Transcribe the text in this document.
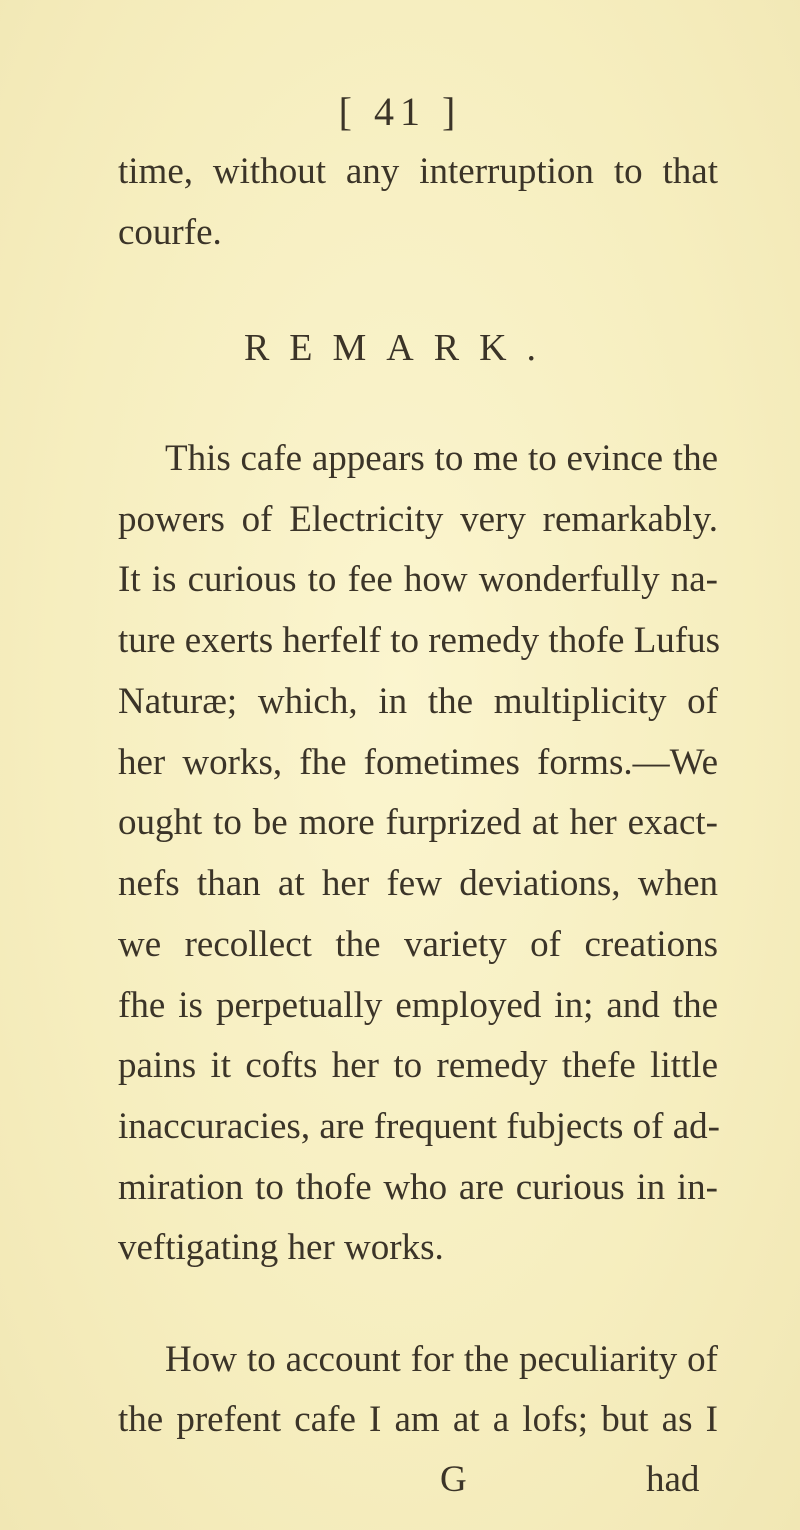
[ 41 ]
time, without any interruption to that
courfe.
REMARK.
This cafe appears to me to evince the
powers of Electricity very remarkably.
It is curious to fee how wonderfully na-
ture exerts herfelf to remedy thofe Lufus
Naturæ; which, in the multiplicity of
her works, fhe fometimes forms.—We
ought to be more furprized at her exact-
nefs than at her few deviations, when
we recollect the variety of creations
fhe is perpetually employed in; and the
pains it cofts her to remedy thefe little
inaccuracies, are frequent fubjects of ad-
miration to thofe who are curious in in-
veftigating her works.
How to account for the peculiarity of
the prefent cafe I am at a lofs; but as I
G	had
